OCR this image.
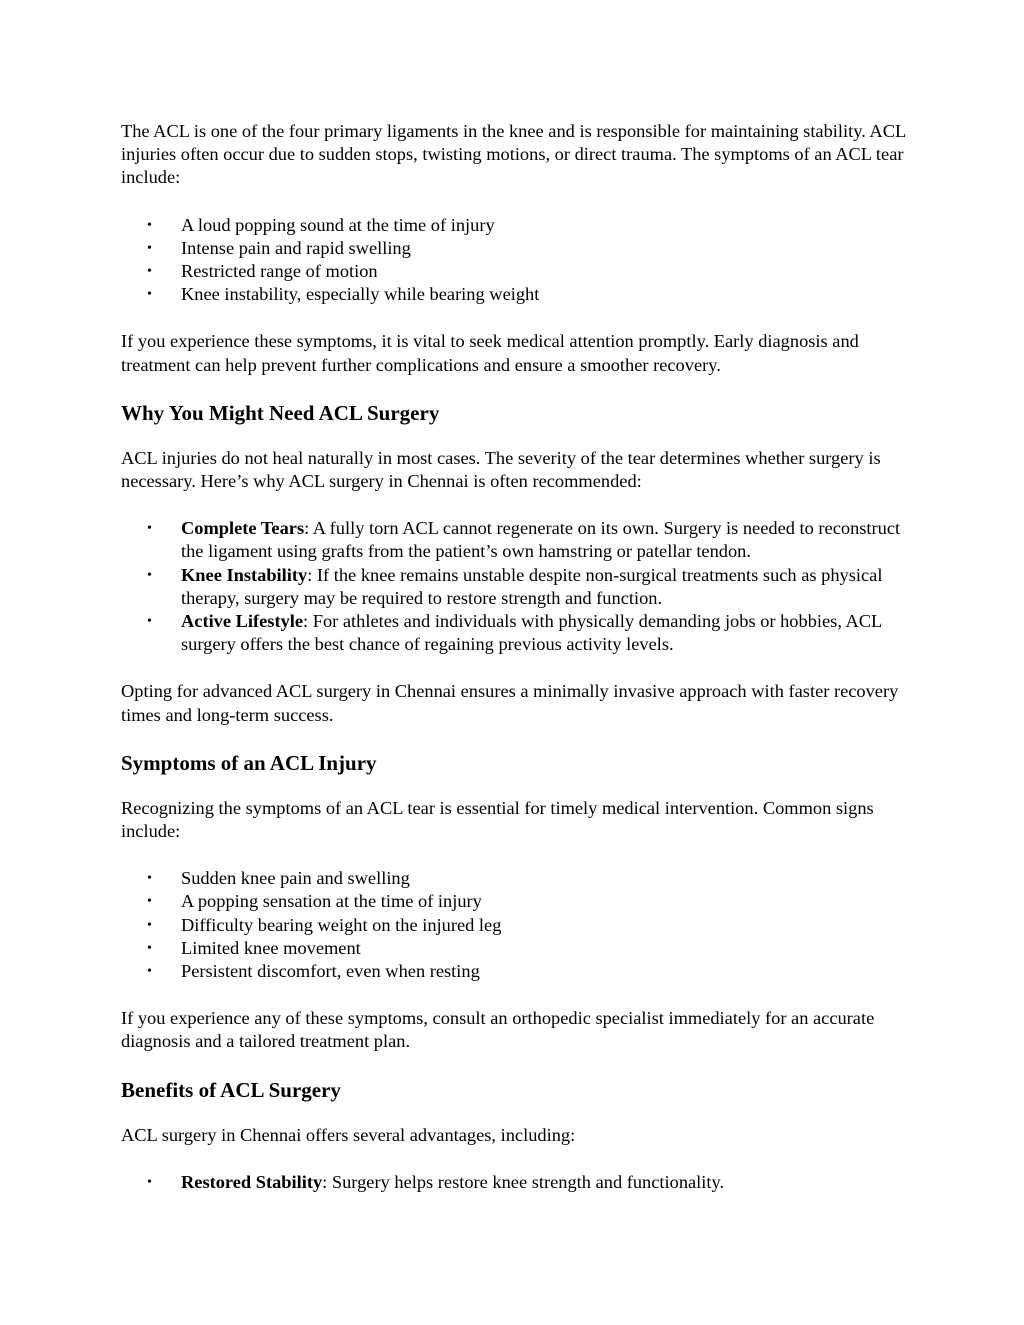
The ACL is one of the four primary ligaments in the knee and is responsible for maintaining stability. ACL injuries often occur due to sudden stops, twisting motions, or direct trauma. The symptoms of an ACL tear include:

• A loud popping sound at the time of injury
• Intense pain and rapid swelling
• Restricted range of motion
• Knee instability, especially while bearing weight

If you experience these symptoms, it is vital to seek medical attention promptly. Early diagnosis and treatment can help prevent further complications and ensure a smoother recovery.

Why You Might Need ACL Surgery

ACL injuries do not heal naturally in most cases. The severity of the tear determines whether surgery is necessary. Here’s why ACL surgery in Chennai is often recommended:

• Complete Tears: A fully torn ACL cannot regenerate on its own. Surgery is needed to reconstruct the ligament using grafts from the patient’s own hamstring or patellar tendon.
• Knee Instability: If the knee remains unstable despite non-surgical treatments such as physical therapy, surgery may be required to restore strength and function.
• Active Lifestyle: For athletes and individuals with physically demanding jobs or hobbies, ACL surgery offers the best chance of regaining previous activity levels.

Opting for advanced ACL surgery in Chennai ensures a minimally invasive approach with faster recovery times and long-term success.

Symptoms of an ACL Injury

Recognizing the symptoms of an ACL tear is essential for timely medical intervention. Common signs include:

• Sudden knee pain and swelling
• A popping sensation at the time of injury
• Difficulty bearing weight on the injured leg
• Limited knee movement
• Persistent discomfort, even when resting

If you experience any of these symptoms, consult an orthopedic specialist immediately for an accurate diagnosis and a tailored treatment plan.

Benefits of ACL Surgery

ACL surgery in Chennai offers several advantages, including:

• Restored Stability: Surgery helps restore knee strength and functionality.
